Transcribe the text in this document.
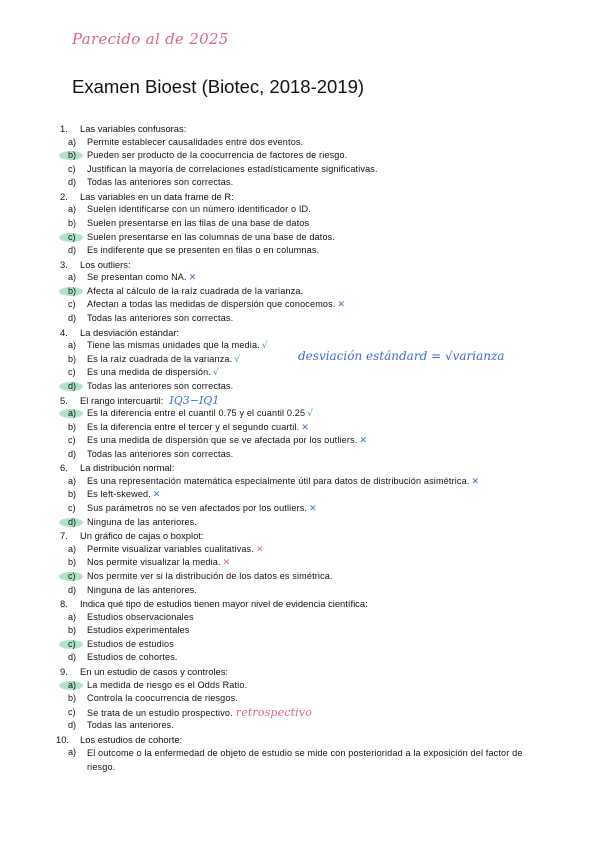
Parecido al de 2025
Examen Bioest (Biotec, 2018-2019)
1. Las variables confusoras:
a)	Permite establecer causalidades entre dos eventos.
b)	Pueden ser producto de la coocurrencia de factores de riesgo.
c)	Justifican la mayoría de correlaciones estadísticamente significativas.
d)	Todas las anteriores son correctas.
2. Las variables en un data frame de R:
a)	Suelen identificarse con un número identificador o ID.
b)	Suelen presentarse en las filas de una base de datos
c)	Suelen presentarse en las columnas de una base de datos.
d)	Es indiferente que se presenten en filas o en columnas.
3. Los outliers:
a)	Se presentan como NA. ✕
b)	Afecta al cálculo de la raíz cuadrada de la varianza.
c)	Afectan a todas las medidas de dispersión que conocemos. ✕
d)	Todas las anteriores son correctas.
4. La desviación estándar:
a)	Tiene las mismas unidades que la media. √
b)	Es la raíz cuadrada de la varianza. √
c)	Es una medida de dispersión. √
d)	Todas las anteriores son correctas.
5. El rango intercuartil: IQ3−IQ1
a)	Es la diferencia entre el cuantil 0.75 y el cuantil 0.25 √
b)	Es la diferencia entre el tercer y el segundo cuartil. ✕
c)	Es una medida de dispersión que se ve afectada por los outliers. ✕
d)	Todas las anteriores son correctas.
6. La distribución normal:
a)	Es una representación matemática especialmente útil para datos de distribución asimétrica. ✕
b)	Es left-skewed. ✕
c)	Sus parámetros no se ven afectados por los outliers. ✕
d)	Ninguna de las anteriores.
7. Un gráfico de cajas o boxplot:
a)	Permite visualizar variables cualitativas. ✕
b)	Nos permite visualizar la media. ✕
c)	Nos permite ver si la distribución de los datos es simétrica.
d)	Ninguna de las anteriores.
8. Indica qué tipo de estudios tienen mayor nivel de evidencia científica:
a)	Estudios observacionales
b)	Estudios experimentales
c)	Estudios de estudios
d)	Estudios de cohortes.
9. En un estudio de casos y controles:
a)	La medida de riesgo es el Odds Ratio.
b)	Controla la coocurrencia de riesgos.
c)	Se trata de un estudio prospectivo. retrospectivo
d)	Todas las anteriores.
10. Los estudios de cohorte:
a)	El outcome o la enfermedad de objeto de estudio se mide con posterioridad a la exposición del factor de riesgo.
desviación estándard = √varianza
